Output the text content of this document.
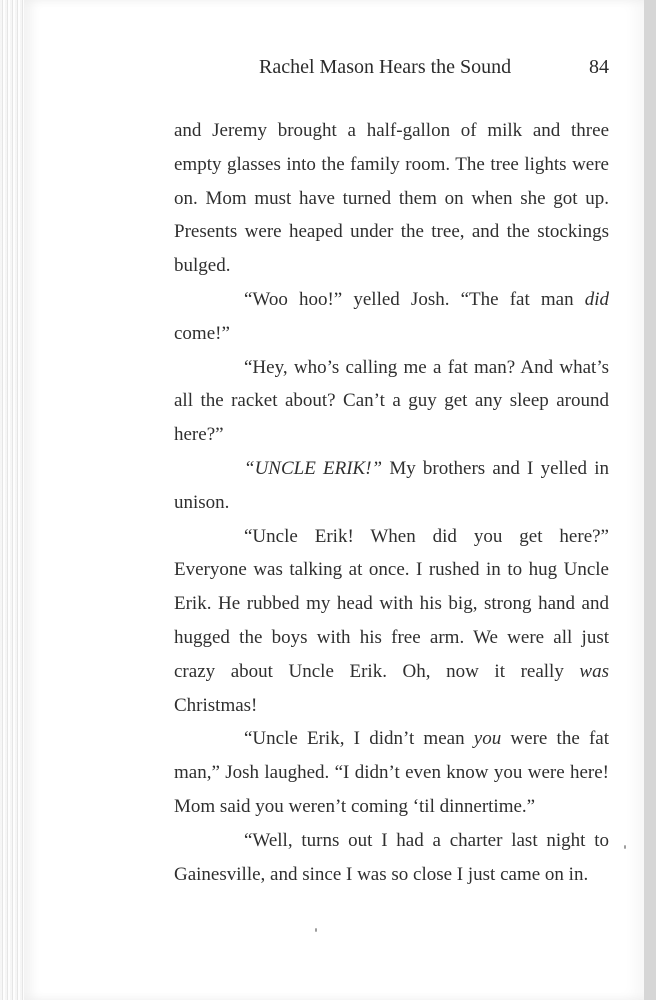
Rachel Mason Hears the Sound	84

and Jeremy brought a half-gallon of milk and three empty glasses into the family room. The tree lights were on. Mom must have turned them on when she got up. Presents were heaped under the tree, and the stockings bulged.

“Woo hoo!” yelled Josh. “The fat man did come!”

“Hey, who’s calling me a fat man? And what’s all the racket about? Can’t a guy get any sleep around here?”

“UNCLE ERIK!” My brothers and I yelled in unison.

“Uncle Erik! When did you get here?” Everyone was talking at once. I rushed in to hug Uncle Erik. He rubbed my head with his big, strong hand and hugged the boys with his free arm. We were all just crazy about Uncle Erik. Oh, now it really was Christmas!

“Uncle Erik, I didn’t mean you were the fat man,” Josh laughed. “I didn’t even know you were here! Mom said you weren’t coming ‘til dinnertime.”

“Well, turns out I had a charter last night to Gainesville, and since I was so close I just came on in.
